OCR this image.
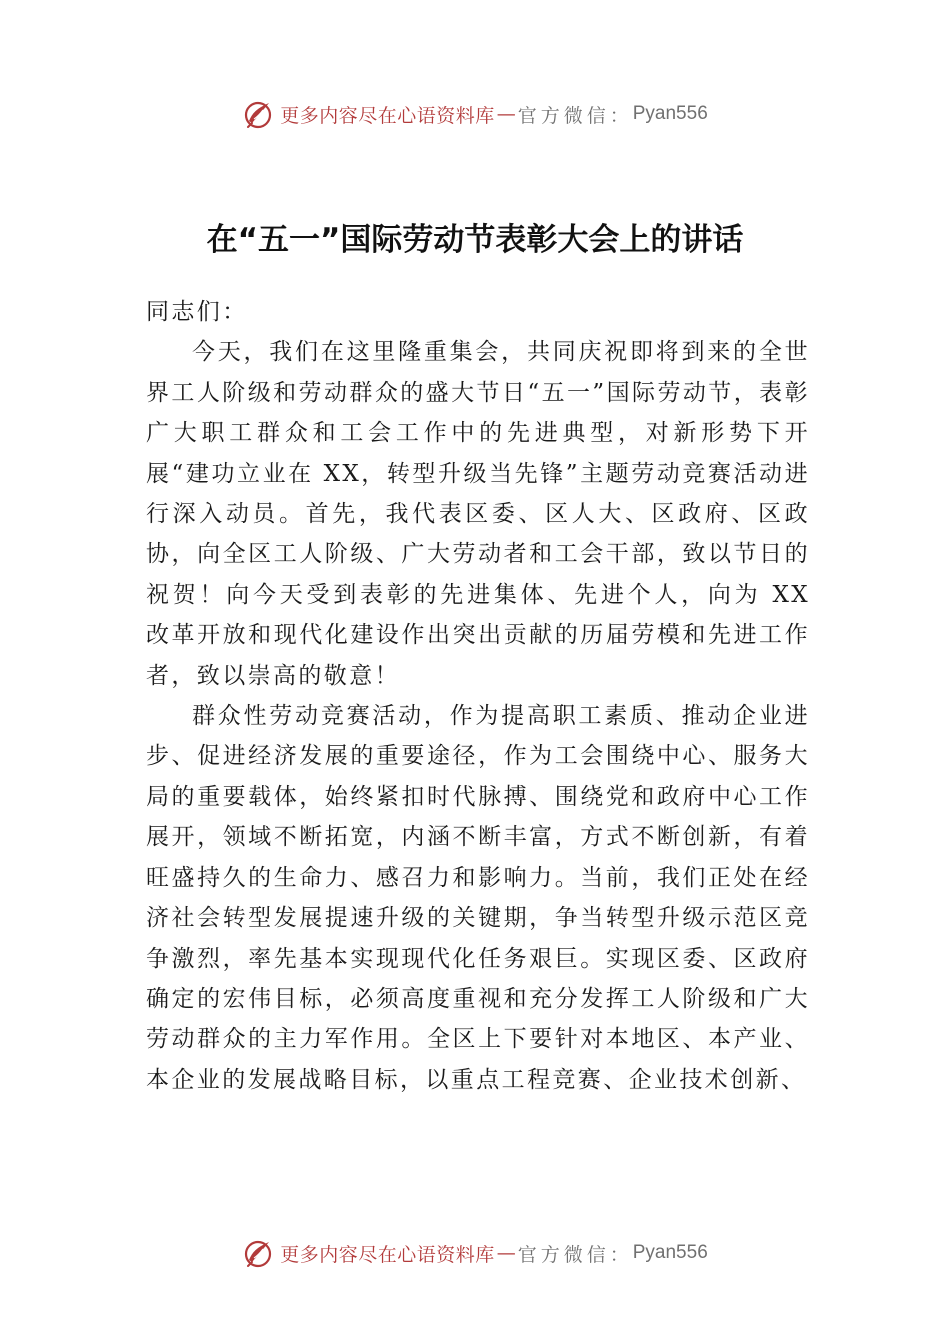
更多内容尽在心语资料库 — 官方微信： Pyan556
在“五一”国际劳动节表彰大会上的讲话

同志们：

今天，我们在这里隆重集会，共同庆祝即将到来的全世界工人阶级和劳动群众的盛大节日“五一”国际劳动节，表彰广大职工群众和工会工作中的先进典型，对新形势下开展“建功立业在 XX，转型升级当先锋”主题劳动竞赛活动进行深入动员。首先，我代表区委、区人大、区政府、区政协，向全区工人阶级、广大劳动者和工会干部，致以节日的祝贺！向今天受到表彰的先进集体、先进个人，向为 XX 改革开放和现代化建设作出突出贡献的历届劳模和先进工作者，致以崇高的敬意！

群众性劳动竞赛活动，作为提高职工素质、推动企业进步、促进经济发展的重要途径，作为工会围绕中心、服务大局的重要载体，始终紧扣时代脉搏、围绕党和政府中心工作展开，领域不断拓宽，内涵不断丰富，方式不断创新，有着旺盛持久的生命力、感召力和影响力。当前，我们正处在经济社会转型发展提速升级的关键期，争当转型升级示范区竞争激烈，率先基本实现现代化任务艰巨。实现区委、区政府确定的宏伟目标，必须高度重视和充分发挥工人阶级和广大劳动群众的主力军作用。全区上下要针对本地区、本产业、本企业的发展战略目标，以重点工程竞赛、企业技术创新、

更多内容尽在心语资料库 — 官方微信： Pyan556
